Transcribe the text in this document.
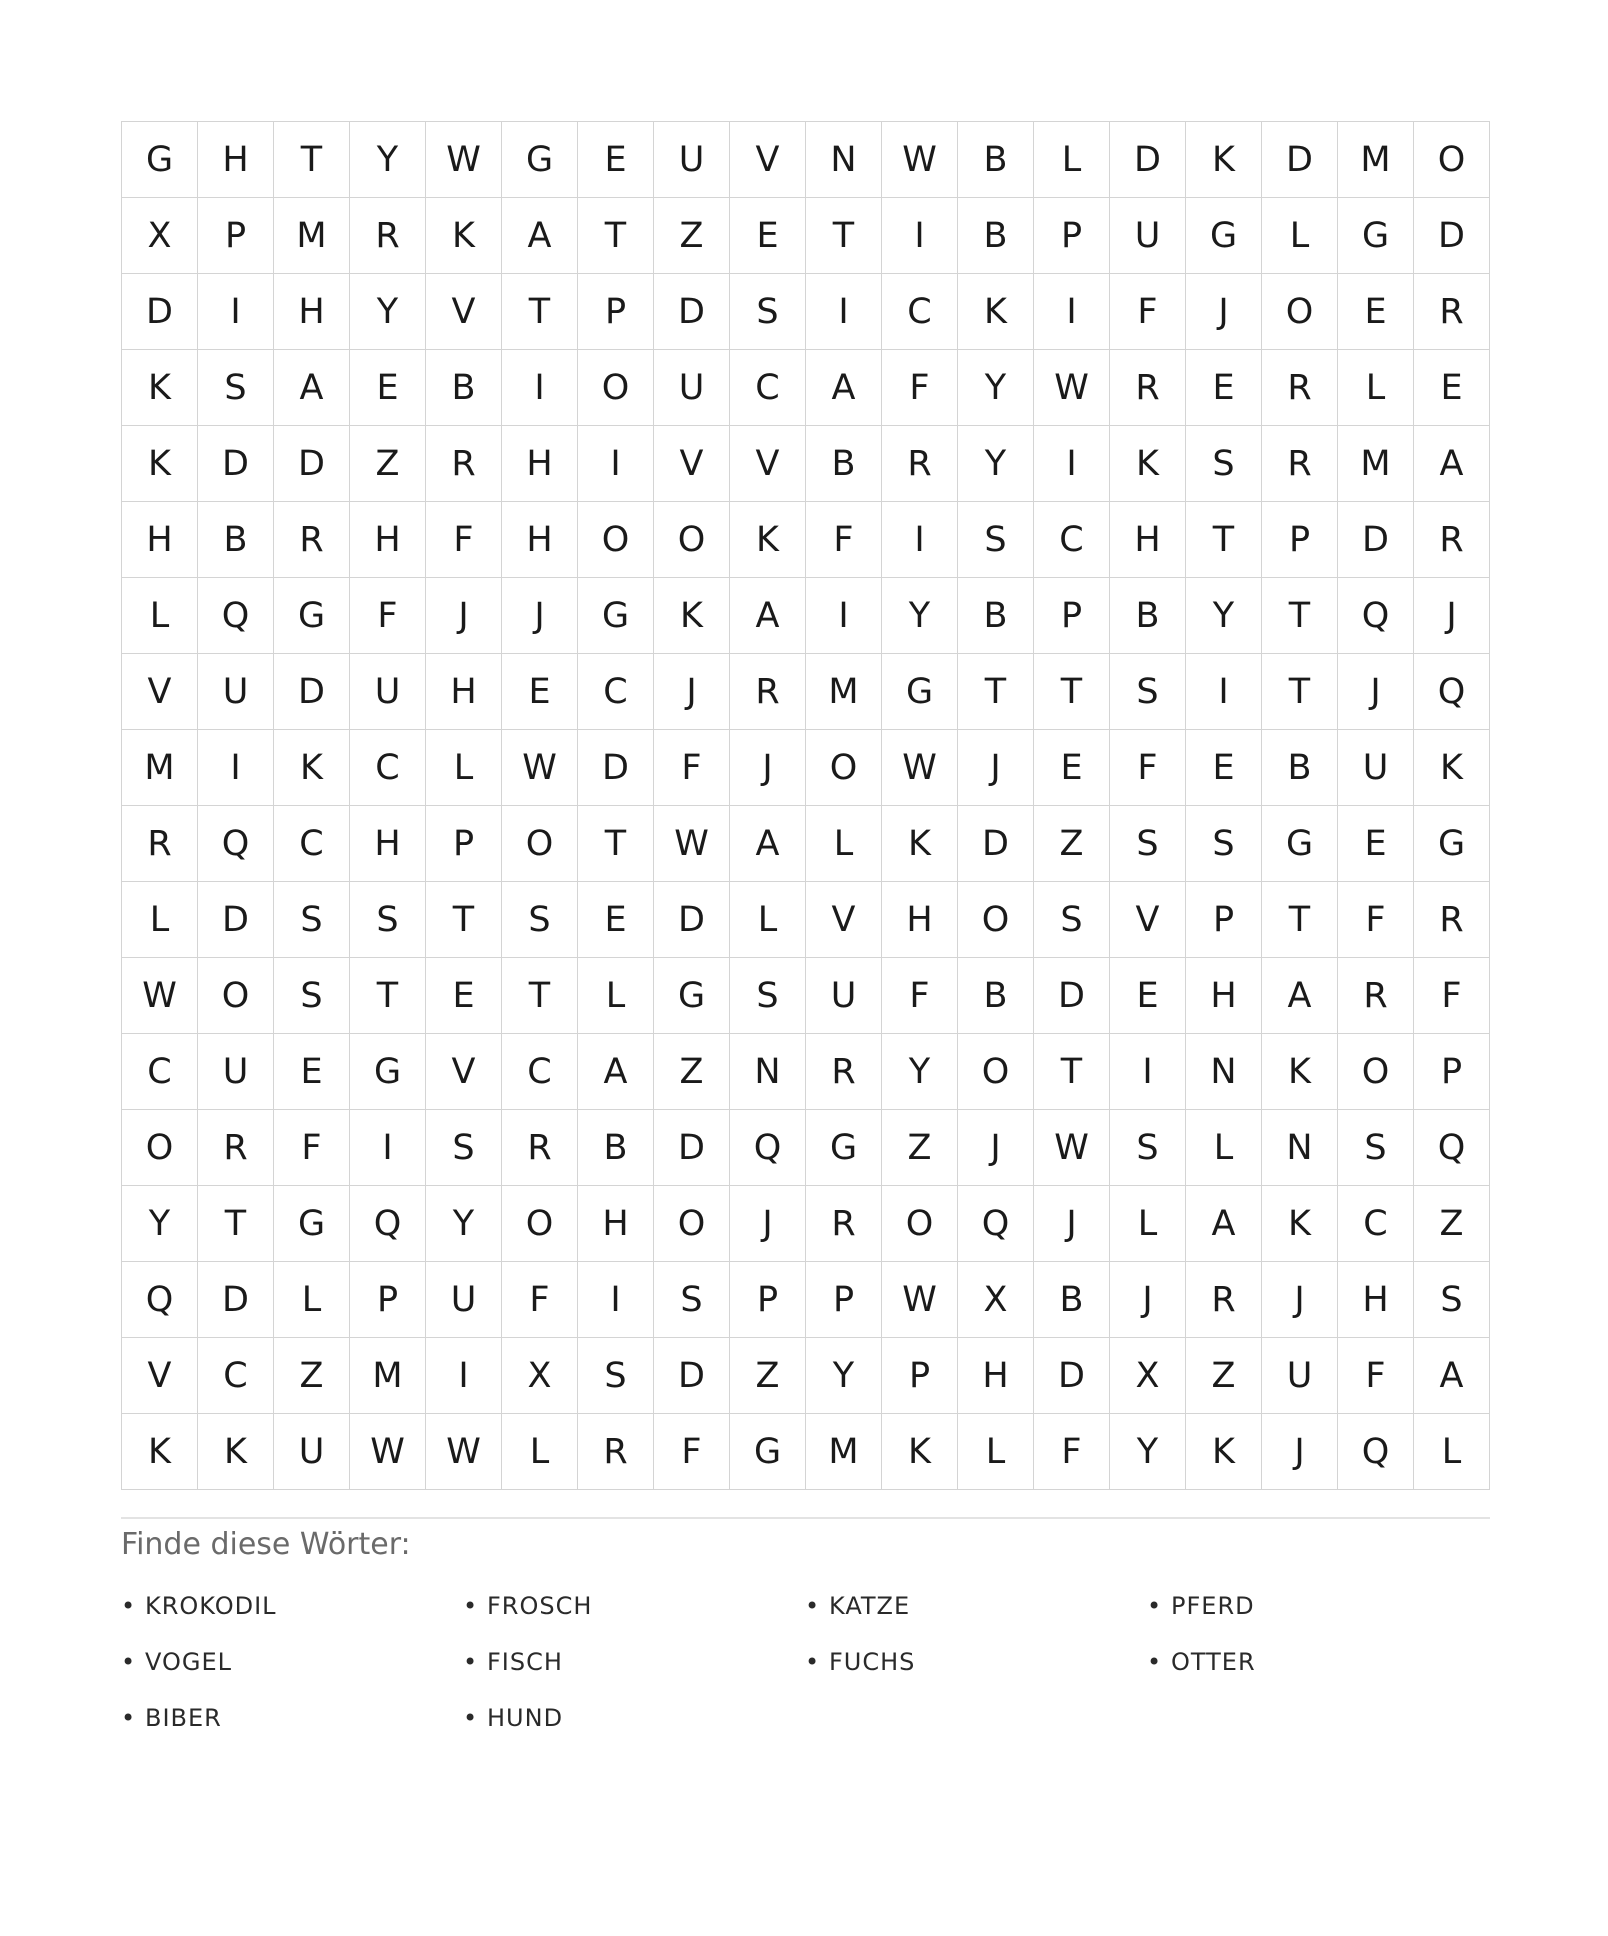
G	H	T	Y	W	G	E	U	V	N	W	B	L	D	K	D	M	O
X	P	M	R	K	A	T	Z	E	T	I	B	P	U	G	L	G	D
D	I	H	Y	V	T	P	D	S	I	C	K	I	F	J	O	E	R
K	S	A	E	B	I	O	U	C	A	F	Y	W	R	E	R	L	E
K	D	D	Z	R	H	I	V	V	B	R	Y	I	K	S	R	M	A
H	B	R	H	F	H	O	O	K	F	I	S	C	H	T	P	D	R
L	Q	G	F	J	J	G	K	A	I	Y	B	P	B	Y	T	Q	J
V	U	D	U	H	E	C	J	R	M	G	T	T	S	I	T	J	Q
M	I	K	C	L	W	D	F	J	O	W	J	E	F	E	B	U	K
R	Q	C	H	P	O	T	W	A	L	K	D	Z	S	S	G	E	G
L	D	S	S	T	S	E	D	L	V	H	O	S	V	P	T	F	R
W	O	S	T	E	T	L	G	S	U	F	B	D	E	H	A	R	F
C	U	E	G	V	C	A	Z	N	R	Y	O	T	I	N	K	O	P
O	R	F	I	S	R	B	D	Q	G	Z	J	W	S	L	N	S	Q
Y	T	G	Q	Y	O	H	O	J	R	O	Q	J	L	A	K	C	Z
Q	D	L	P	U	F	I	S	P	P	W	X	B	J	R	J	H	S
V	C	Z	M	I	X	S	D	Z	Y	P	H	D	X	Z	U	F	A
K	K	U	W	W	L	R	F	G	M	K	L	F	Y	K	J	Q	L
Finde diese Wörter:
• KROKODIL	• FROSCH	• KATZE	• PFERD
• VOGEL	• FISCH	• FUCHS	• OTTER
• BIBER	• HUND
